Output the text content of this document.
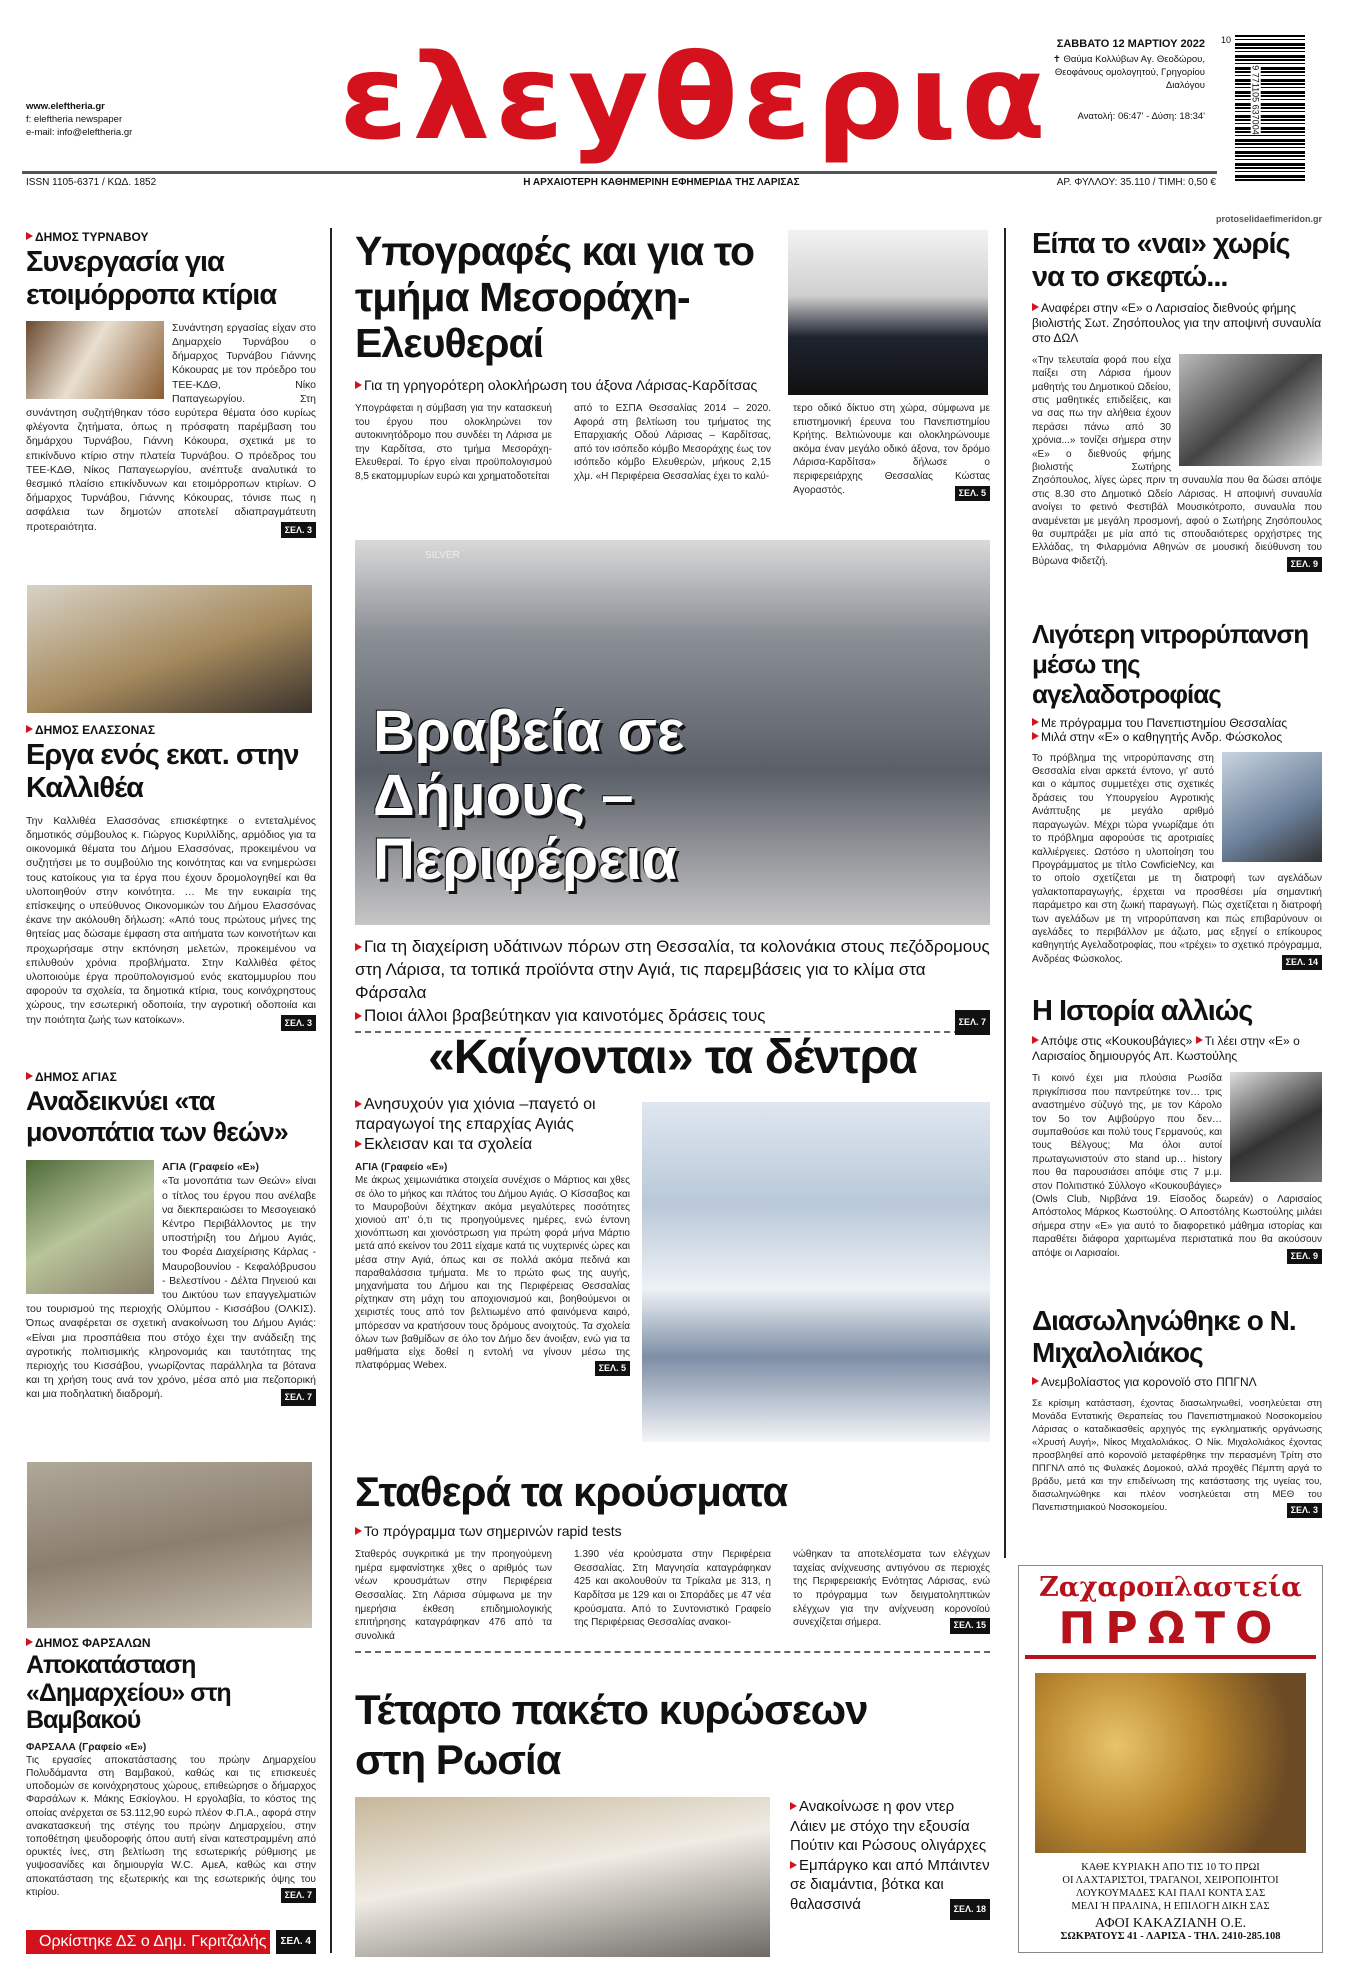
www.eleftheria.gr
f: eleftheria newspaper
e-mail: info@eleftheria.gr ελεyθερια ΣΑΒΒΑΤΟ 12 ΜΑΡΤΙΟΥ 2022
✝ Θαύμα Κολλύβων Αγ. Θεοδώρου, Θεοφάνους ομολογητού, Γρηγορίου Διαλόγου
Ανατολή: 06:47' - Δύση: 18:34'	9 771105 637004
10
ISSN 1105-6371 / ΚΩΔ. 1852	Η ΑΡΧΑΙΟΤΕΡΗ ΚΑΘΗΜΕΡΙΝΗ ΕΦΗΜΕΡΙΔΑ ΤΗΣ ΛΑΡΙΣΑΣ	ΑΡ. ΦΥΛΛΟΥ: 35.110 / ΤΙΜΗ: 0,50 €
ΔΗΜΟΣ ΤΥΡΝΑΒΟΥ
Συνεργασία για ετοιμόρροπα κτίρια
Συνάντηση εργασίας είχαν στο Δημαρχείο Τυρνάβου ο δήμαρχος Τυρνάβου Γιάννης Κόκουρας με τον πρόεδρο του ΤΕΕ-ΚΔΘ, Νίκο Παπαγεωργίου. Στη συνάντηση συζητήθηκαν τόσο ευρύτερα θέματα όσο κυρίως φλέγοντα ζητήματα, όπως η πρόσφατη παρέμβαση του δημάρχου Τυρνάβου, Γιάννη Κόκουρα, σχετικά με το επικίνδυνο κτίριο στην πλατεία Τυρνάβου. Ο πρόεδρος του ΤΕΕ-ΚΔΘ, Νίκος Παπαγεωργίου, ανέπτυξε αναλυτικά το θεσμικό πλαίσιο επικίνδυνων και ετοιμόρροπων κτιρίων. Ο δήμαρχος Τυρνάβου, Γιάννης Κόκουρας, τόνισε πως η ασφάλεια των δημοτών αποτελεί αδιαπραγμάτευτη προτεραιότητα.	ΣΕΛ. 3
ΔΗΜΟΣ ΕΛΑΣΣΟΝΑΣ
Εργα ενός εκατ. στην Καλλιθέα
Την Καλλιθέα Ελασσόνας επισκέφτηκε ο εντεταλμένος δημοτικός σύμβουλος κ. Γιώργος Κυριλλίδης, αρμόδιος για τα οικονομικά θέματα του Δήμου Ελασσόνας, προκειμένου να συζητήσει με το συμβούλιο της κοινότητας και να ενημερώσει τους κατοίκους για τα έργα που έχουν δρομολογηθεί και θα υλοποιηθούν στην κοινότητα. … Με την ευκαιρία της επίσκεψης ο υπεύθυνος Οικονομικών του Δήμου Ελασσόνας έκανε την ακόλουθη δήλωση: «Από τους πρώτους μήνες της θητείας μας δώσαμε έμφαση στα αιτήματα των κοινοτήτων και προχωρήσαμε στην εκπόνηση μελετών, προκειμένου να επιλυθούν χρόνια προβλήματα. Στην Καλλιθέα φέτος υλοποιούμε έργα προϋπολογισμού ενός εκατομμυρίου που αφορούν τα σχολεία, τα δημοτικά κτίρια, τους κοινόχρηστους χώρους, την εσωτερική οδοποιία, την αγροτική οδοποιία και την ποιότητα ζωής των κατοίκων».	ΣΕΛ. 3
ΔΗΜΟΣ ΑΓΙΑΣ
Αναδεικνύει «τα μονοπάτια των θεών»
ΑΓΙΑ (Γραφείο «Ε»)
«Τα μονοπάτια των Θεών» είναι ο τίτλος του έργου που ανέλαβε να διεκπεραιώσει το Μεσογειακό Κέντρο Περιβάλλοντος με την υποστήριξη του Δήμου Αγιάς, του Φορέα Διαχείρισης Κάρλας - Μαυροβουνίου - Κεφαλόβρυσου - Βελεστίνου - Δέλτα Πηνειού και του Δικτύου των επαγγελματιών του τουρισμού της περιοχής Ολύμπου - Κισσάβου (ΟΛΚΙΣ). Όπως αναφέρεται σε σχετική ανακοίνωση του Δήμου Αγιάς: «Είναι μια προσπάθεια που στόχο έχει την ανάδειξη της αγροτικής πολιτισμικής κληρονομιάς και ταυτότητας της περιοχής του Κισσάβου, γνωρίζοντας παράλληλα τα βότανα και τη χρήση τους ανά τον χρόνο, μέσα από μια πεζοπορική και μια ποδηλατική διαδρομή.	ΣΕΛ. 7
ΔΗΜΟΣ ΦΑΡΣΑΛΩΝ
Αποκατάσταση «Δημαρχείου» στη Βαμβακού
ΦΑΡΣΑΛΑ (Γραφείο «Ε»)
Τις εργασίες αποκατάστασης του πρώην Δημαρχείου Πολυδάμαντα στη Βαμβακού, καθώς και τις επισκευές υποδομών σε κοινόχρηστους χώρους, επιθεώρησε ο δήμαρχος Φαρσάλων κ. Μάκης Εσκίογλου. Η εργολαβία, το κόστος της οποίας ανέρχεται σε 53.112,90 ευρώ πλέον Φ.Π.Α., αφορά στην ανακατασκευή της στέγης του πρώην Δημαρχείου, στην τοποθέτηση ψευδοροφής όπου αυτή είναι κατεστραμμένη από ορυκτές ίνες, στη βελτίωση της εσωτερικής ρύθμισης με γυψοσανίδες και δημιουργία W.C. ΑμεΑ, καθώς και στην αποκατάσταση της εξωτερικής και της εσωτερικής όψης του κτιρίου.	ΣΕΛ. 7
Ορκίστηκε ΔΣ ο Δημ. Γκριτζαλής	ΣΕΛ. 4
Υπογραφές και για το τμήμα Μεσοράχη-Ελευθεραί
Για τη γρηγορότερη ολοκλήρωση του άξονα Λάρισας-Καρδίτσας
Υπογράφεται η σύμβαση για την κατασκευή του έργου που ολοκληρώνει τον αυτοκινητόδρομο που συνδέει τη Λάρισα με την Καρδίτσα, στο τμήμα Μεσοράχη-Ελευθεραί. Το έργο είναι προϋπολογισμού 8,5 εκατομμυρίων ευρώ και χρηματοδοτείται
από το ΕΣΠΑ Θεσσαλίας 2014 – 2020. Αφορά στη βελτίωση του τμήματος της Επαρχιακής Οδού Λάρισας – Καρδίτσας, από τον ισόπεδο κόμβο Μεσοράχης έως τον ισόπεδο κόμβο Ελευθερών, μήκους 2,15 χλμ. «Η Περιφέρεια Θεσσαλίας έχει το καλύ-
τερο οδικό δίκτυο στη χώρα, σύμφωνα με επιστημονική έρευνα του Πανεπιστημίου Κρήτης. Βελτιώνουμε και ολοκληρώνουμε ακόμα έναν μεγάλο οδικό άξονα, τον δρόμο Λάρισα-Καρδίτσα» δήλωσε ο περιφερειάρχης Θεσσαλίας Κώστας Αγοραστός.	ΣΕΛ. 5
SILVER
Βραβεία σε Δήμους –Περιφέρεια
Για τη διαχείριση υδάτινων πόρων στη Θεσσαλία, τα κολονάκια στους πεζόδρομους στη Λάρισα, τα τοπικά προϊόντα στην Αγιά, τις παρεμβάσεις για το κλίμα στα Φάρσαλα
Ποιοι άλλοι βραβεύτηκαν για καινοτόμες δράσεις τους	ΣΕΛ. 7
«Καίγονται» τα δέντρα
Ανησυχούν για χιόνια –παγετό οι παραγωγοί της επαρχίας Αγιάς
Εκλεισαν και τα σχολεία
ΑΓΙΑ (Γραφείο «Ε»)
Με άκρως χειμωνιάτικα στοιχεία συνέχισε ο Μάρτιος και χθες σε όλο το μήκος και πλάτος του Δήμου Αγιάς. Ο Κίσσαβος και το Μαυροβούνι δέχτηκαν ακόμα μεγαλύτερες ποσότητες χιονιού απ' ό,τι τις προηγούμενες ημέρες, ενώ έντονη χιονόπτωση και χιονόστρωση για πρώτη φορά μήνα Μάρτιο μετά από εκείνον του 2011 είχαμε κατά τις νυχτερινές ώρες και μέσα στην Αγιά, όπως και σε πολλά ακόμα πεδινά και παραθαλάσσια τμήματα. Με το πρώτο φως της αυγής, μηχανήματα του Δήμου και της Περιφέρειας Θεσσαλίας ρίχτηκαν στη μάχη του αποχιονισμού και, βοηθούμενοι οι χειριστές τους από τον βελτιωμένο από φαινόμενα καιρό, μπόρεσαν να κρατήσουν τους δρόμους ανοιχτούς. Τα σχολεία όλων των βαθμίδων σε όλο τον Δήμο δεν άνοιξαν, ενώ για τα μαθήματα είχε δοθεί η εντολή να γίνουν μέσω της πλατφόρμας Webex.	ΣΕΛ. 5
Σταθερά τα κρούσματα
Το πρόγραμμα των σημερινών rapid tests
Σταθερός συγκριτικά με την προηγούμενη ημέρα εμφανίστηκε χθες ο αριθμός των νέων κρουσμάτων στην Περιφέρεια Θεσσαλίας. Στη Λάρισα σύμφωνα με την ημερήσια έκθεση επιδημιολογικής επιτήρησης καταγράφηκαν 476 από τα συνολικά
1.390 νέα κρούσματα στην Περιφέρεια Θεσσαλίας. Στη Μαγνησία καταγράφηκαν 425 και ακολουθούν τα Τρίκαλα με 313, η Καρδίτσα με 129 και οι Σποράδες με 47 νέα κρούσματα. Από το Συντονιστικό Γραφείο της Περιφέρειας Θεσσαλίας ανακοι-
νώθηκαν τα αποτελέσματα των ελέγχων ταχείας ανίχνευσης αντιγόνου σε περιοχές της Περιφερειακής Ενότητας Λάρισας, ενώ το πρόγραμμα των δειγματοληπτικών ελέγχων για την ανίχνευση κορονοϊού συνεχίζεται σήμερα.	ΣΕΛ. 15
Τέταρτο πακέτο κυρώσεων στη Ρωσία
Ανακοίνωσε η φον ντερ Λάιεν με στόχο την εξουσία Πούτιν και Ρώσους ολιγάρχες
Εμπάργκο και από Μπάιντεν σε διαμάντια, βότκα και θαλασσινά	ΣΕΛ. 18
protoselidaefimeridon.gr
Είπα το «ναι» χωρίς να το σκεφτώ...
Αναφέρει στην «Ε» ο Λαρισαίος διεθνούς φήμης βιολιστής Σωτ. Ζησόπουλος για την αποψινή συναυλία στο ΔΩΛ
«Την τελευταία φορά που είχα παίξει στη Λάρισα ήμουν μαθητής του Δημοτικού Ωδείου, στις μαθητικές επιδείξεις, και να σας πω την αλήθεια έχουν περάσει πάνω από 30 χρόνια...» τονίζει σήμερα στην «Ε» ο διεθνούς φήμης βιολιστής Σωτήρης Ζησόπουλος, λίγες ώρες πριν τη συναυλία που θα δώσει απόψε στις 8.30 στο Δημοτικό Ωδείο Λάρισας. Η αποψινή συναυλία ανοίγει το φετινό Φεστιβάλ Μουσικότροπο, συναυλία που αναμένεται με μεγάλη προσμονή, αφού ο Σωτήρης Ζησόπουλος θα συμπράξει με μία από τις σπουδαιότερες ορχήστρες της Ελλάδας, τη Φιλαρμόνια Αθηνών σε μουσική διεύθυνση του Βύρωνα Φιδετζή.	ΣΕΛ. 9
Λιγότερη νιτρορύπανση μέσω της αγελαδοτροφίας
Με πρόγραμμα του Πανεπιστημίου Θεσσαλίας
Μιλά στην «Ε» ο καθηγητής Ανδρ. Φώσκολος
Το πρόβλημα της νιτρορύπανσης στη Θεσσαλία είναι αρκετά έντονο, γι' αυτό και ο κάμπος συμμετέχει στις σχετικές δράσεις του Υπουργείου Αγροτικής Ανάπτυξης με μεγάλο αριθμό παραγωγών. Μέχρι τώρα γνωρίζαμε ότι το πρόβλημα αφορούσε τις αροτριαίες καλλιέργειες. Ωστόσο η υλοποίηση του Προγράμματος με τίτλο CowficieNcy, και το οποίο σχετίζεται με τη διατροφή των αγελάδων γαλακτοπαραγωγής, έρχεται να προσθέσει μία σημαντική παράμετρο και στη ζωική παραγωγή. Πώς σχετίζεται η διατροφή των αγελάδων με τη νιτρορύπανση και πώς επιβαρύνουν οι αγελάδες το περιβάλλον με άζωτο, μας εξηγεί ο επίκουρος καθηγητής Αγελαδοτροφίας, που «τρέχει» το σχετικό πρόγραμμα, Ανδρέας Φώσκολος.	ΣΕΛ. 14
Η Ιστορία αλλιώς
Απόψε στις «Κουκουβάγιες» Τι λέει στην «Ε» ο Λαρισαίος δημιουργός Απ. Κωστούλης
Τι κοινό έχει μια πλούσια Ρωσίδα πριγκίπισσα που παντρεύτηκε τον… τρις αναστημένο σύζυγό της, με τον Κάρολο τον 5ο τον Αψβούργο που δεν… συμπαθούσε και πολύ τους Γερμανούς, και τους Βέλγους; Μα όλοι αυτοί πρωταγωνιστούν στο stand up… history που θα παρουσιάσει απόψε στις 7 μ.μ. στον Πολιτιστικό Σύλλογο «Κουκουβάγιες» (Owls Club, Νιρβάνα 19. Είσοδος δωρεάν) ο Λαρισαίος Απόστολος Μάρκος Κωστούλης. Ο Αποστόλης Κωστούλης μιλάει σήμερα στην «Ε» για αυτό το διαφορετικό μάθημα ιστορίας και παραθέτει διάφορα χαριτωμένα περιστατικά που θα ακούσουν απόψε οι Λαρισαίοι.	ΣΕΛ. 9
Διασωληνώθηκε ο Ν. Μιχαλολιάκος
Ανεμβολίαστος για κορονοϊό στο ΠΠΓΝΛ
Σε κρίσιμη κατάσταση, έχοντας διασωληνωθεί, νοσηλεύεται στη Μονάδα Εντατικής Θεραπείας του Πανεπιστημιακού Νοσοκομείου Λάρισας ο καταδικασθείς αρχηγός της εγκληματικής οργάνωσης «Χρυσή Αυγή», Νίκος Μιχαλολιάκος. Ο Νίκ. Μιχαλολιάκος έχοντας προσβληθεί από κορονοϊό μεταφέρθηκε την περασμένη Τρίτη στο ΠΠΓΝΛ από τις Φυλακές Δομοκού, αλλά προχθές Πέμπτη αργά το βράδυ, μετά και την επιδείνωση της κατάστασης της υγείας του, διασωληνώθηκε και πλέον νοσηλεύεται στη ΜΕΘ του Πανεπιστημιακού Νοσοκομείου.	ΣΕΛ. 3
Ζαχαροπλαστεία
ΠΡΩΤΟ
ΚΑΘΕ ΚΥΡΙΑΚΗ ΑΠΟ ΤΙΣ 10 ΤΟ ΠΡΩΙ
ΟΙ ΛΑΧΤΑΡΙΣΤΟΙ, ΤΡΑΓΑΝΟΙ, ΧΕΙΡΟΠΟΙΗΤΟΙ
ΛΟΥΚΟΥΜΑΔΕΣ ΚΑΙ ΠΑΛΙ ΚΟΝΤΑ ΣΑΣ
ΜΕΛΙ Ή ΠΡΑΛΙΝΑ, Η ΕΠΙΛΟΓΗ ΔΙΚΗ ΣΑΣ
ΑΦΟΙ ΚΑΚΑΖΙΑΝΗ Ο.Ε.
ΣΩΚΡΑΤΟΥΣ 41 - ΛΑΡΙΣΑ - ΤΗΛ. 2410-285.108
